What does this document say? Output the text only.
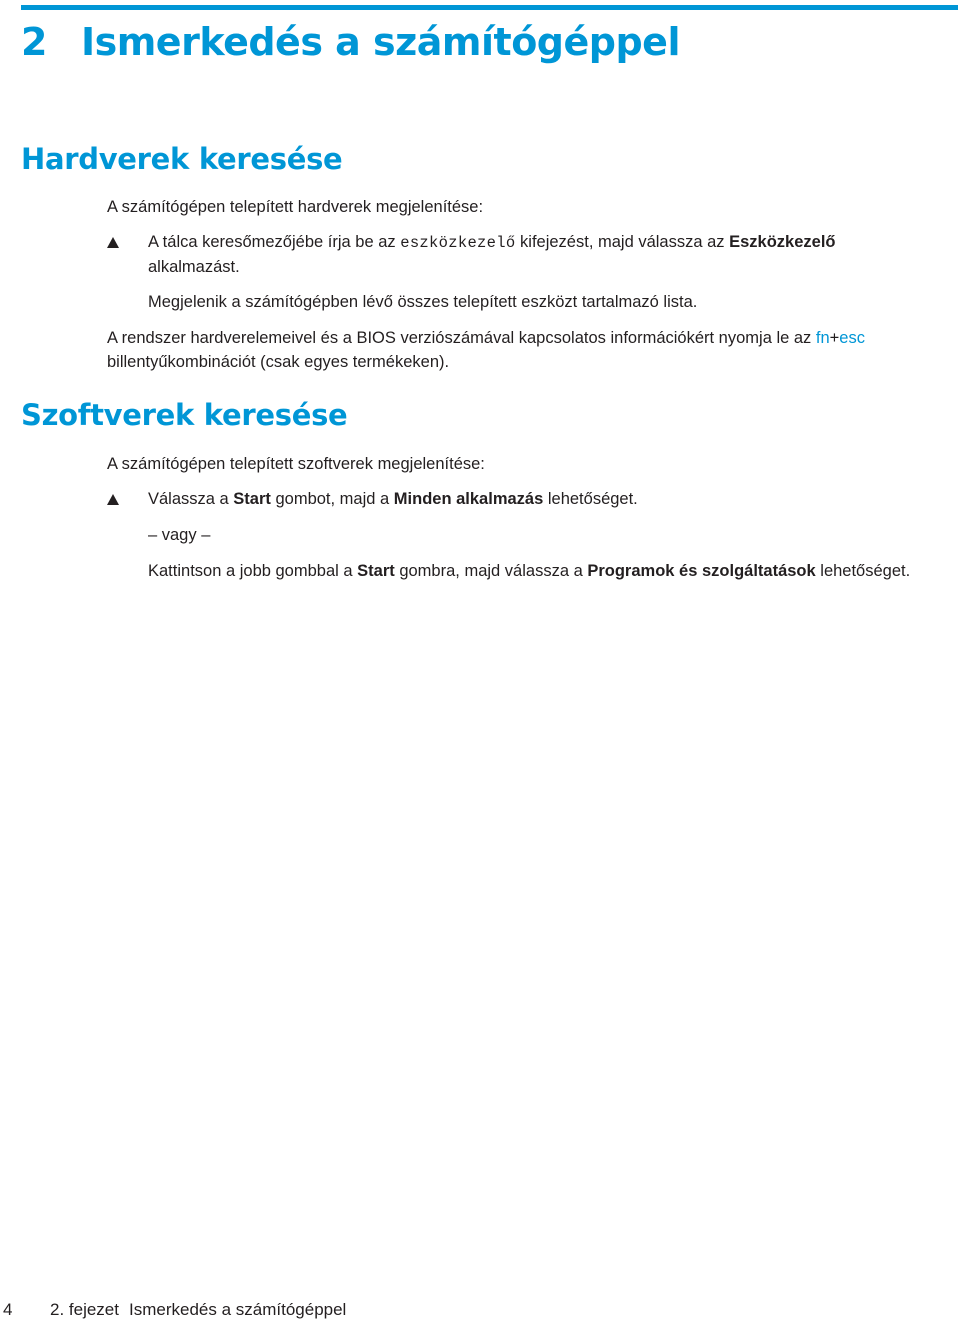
2 Ismerkedés a számítógéppel
Hardverek keresése

A számítógépen telepített hardverek megjelenítése:

A tálca keresőmezőjébe írja be az eszközkezelő kifejezést, majd válassza az Eszközkezelő alkalmazást.

Megjelenik a számítógépben lévő összes telepített eszközt tartalmazó lista.

A rendszer hardverelemeivel és a BIOS verziószámával kapcsolatos információkért nyomja le az fn+esc billentyűkombinációt (csak egyes termékeken).

Szoftverek keresése

A számítógépen telepített szoftverek megjelenítése:

Válassza a Start gombot, majd a Minden alkalmazás lehetőséget.

– vagy –

Kattintson a jobb gombbal a Start gombra, majd válassza a Programok és szolgáltatások lehetőséget.

4 2. fejezet Ismerkedés a számítógéppel
